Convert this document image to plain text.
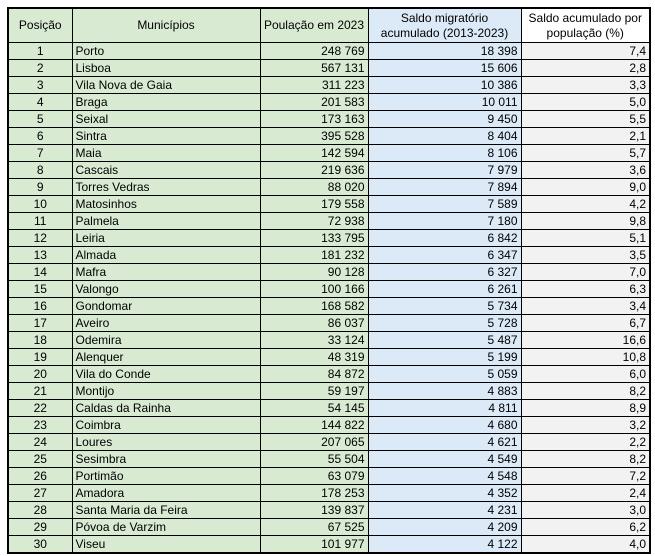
Posição	Municípios	Poulação em 2023	Saldo migratório acumulado (2013-2023)	Saldo acumulado por população (%)
1	Porto	248 769	18 398	7,4
2	Lisboa	567 131	15 606	2,8
3	Vila Nova de Gaia	311 223	10 386	3,3
4	Braga	201 583	10 011	5,0
5	Seixal	173 163	9 450	5,5
6	Sintra	395 528	8 404	2,1
7	Maia	142 594	8 106	5,7
8	Cascais	219 636	7 979	3,6
9	Torres Vedras	88 020	7 894	9,0
10	Matosinhos	179 558	7 589	4,2
11	Palmela	72 938	7 180	9,8
12	Leiria	133 795	6 842	5,1
13	Almada	181 232	6 347	3,5
14	Mafra	90 128	6 327	7,0
15	Valongo	100 166	6 261	6,3
16	Gondomar	168 582	5 734	3,4
17	Aveiro	86 037	5 728	6,7
18	Odemira	33 124	5 487	16,6
19	Alenquer	48 319	5 199	10,8
20	Vila do Conde	84 872	5 059	6,0
21	Montijo	59 197	4 883	8,2
22	Caldas da Rainha	54 145	4 811	8,9
23	Coimbra	144 822	4 680	3,2
24	Loures	207 065	4 621	2,2
25	Sesimbra	55 504	4 549	8,2
26	Portimão	63 079	4 548	7,2
27	Amadora	178 253	4 352	2,4
28	Santa Maria da Feira	139 837	4 231	3,0
29	Póvoa de Varzim	67 525	4 209	6,2
30	Viseu	101 977	4 122	4,0
